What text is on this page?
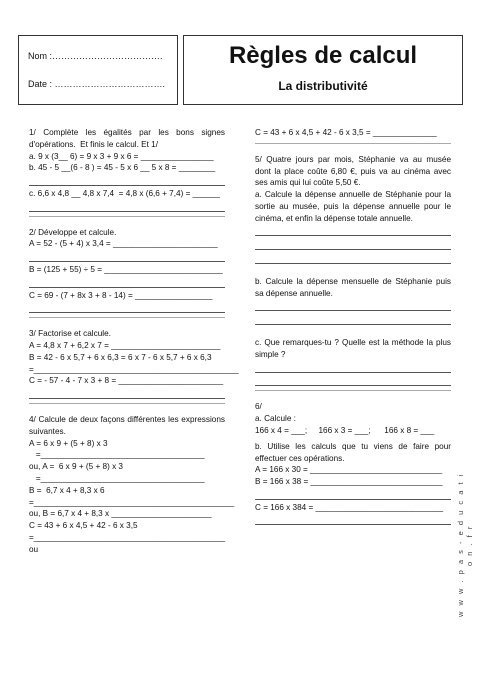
Nom :……………………………….
Date : ……………………………….
Règles de calcul
La distributivité
1/ Complète les égalités par les bons signes d'opérations.  Et finis le calcul. Et 1/
a. 9 x (3__ 6) = 9 x 3 + 9 x 6 = ________________
b. 45 - 5 __(6 - 8 ) = 45 - 5 x 6 __ 5 x 8 = ________
c. 6,6 x 4,8 __ 4,8 x 7,4  = 4,8 x (6,6 + 7,4) = ______
2/ Développe et calcule.
A = 52 - (5 + 4) x 3,4 = _______________________
B = (125 + 55) ÷ 5 = __________________________
C = 69 - (7 + 8x 3 + 8 - 14) = _________________
3/ Factorise et calcule.
A = 4,8 x 7 + 6,2 x 7 = ________________________
B = 42 - 6 x 5,7 + 6 x 6,3 = 6 x 7 - 6 x 5,7 + 6 x 6,3
=_____________________________________________
C = - 57 - 4 - 7 x 3 + 8 = _______________________
4/ Calcule de deux façons différentes les expressions suivantes.
A = 6 x 9 + (5 + 8) x 3
=____________________________________
ou, A =  6 x 9 + (5 + 8) x 3
=____________________________________
B =  6,7 x 4 + 8,3 x 6
=____________________________________________
ou, B = 6,7 x 4 + 8,3 x ______________________
C = 43 + 6 x 4,5 + 42 - 6 x 3,5
=__________________________________________
ou
C = 43 + 6 x 4,5 + 42 - 6 x 3,5 = ______________
5/ Quatre jours par mois, Stéphanie va au musée dont la place coûte 6,80 €, puis va au cinéma avec ses amis qui lui coûte 5,50 €.
a. Calcule la dépense annuelle de Stéphanie pour la sortie au musée, puis la dépense annuelle pour le cinéma, et enfin la dépense totale annuelle.
b. Calcule la dépense mensuelle de Stéphanie puis sa dépense annuelle.
c. Que remarques-tu ? Quelle est la méthode la plus simple ?
6/
a. Calcule :
166 x 4 = ___;     166 x 3 = ___;      166 x 8 = ___
b. Utilise les calculs que tu viens de faire pour effectuer ces opérations.
A = 166 x 30 = _____________________________
B = 166 x 38 = _____________________________
C = 166 x 384 = ____________________________	w w w . p a s - e d u c a t i o n . f r
